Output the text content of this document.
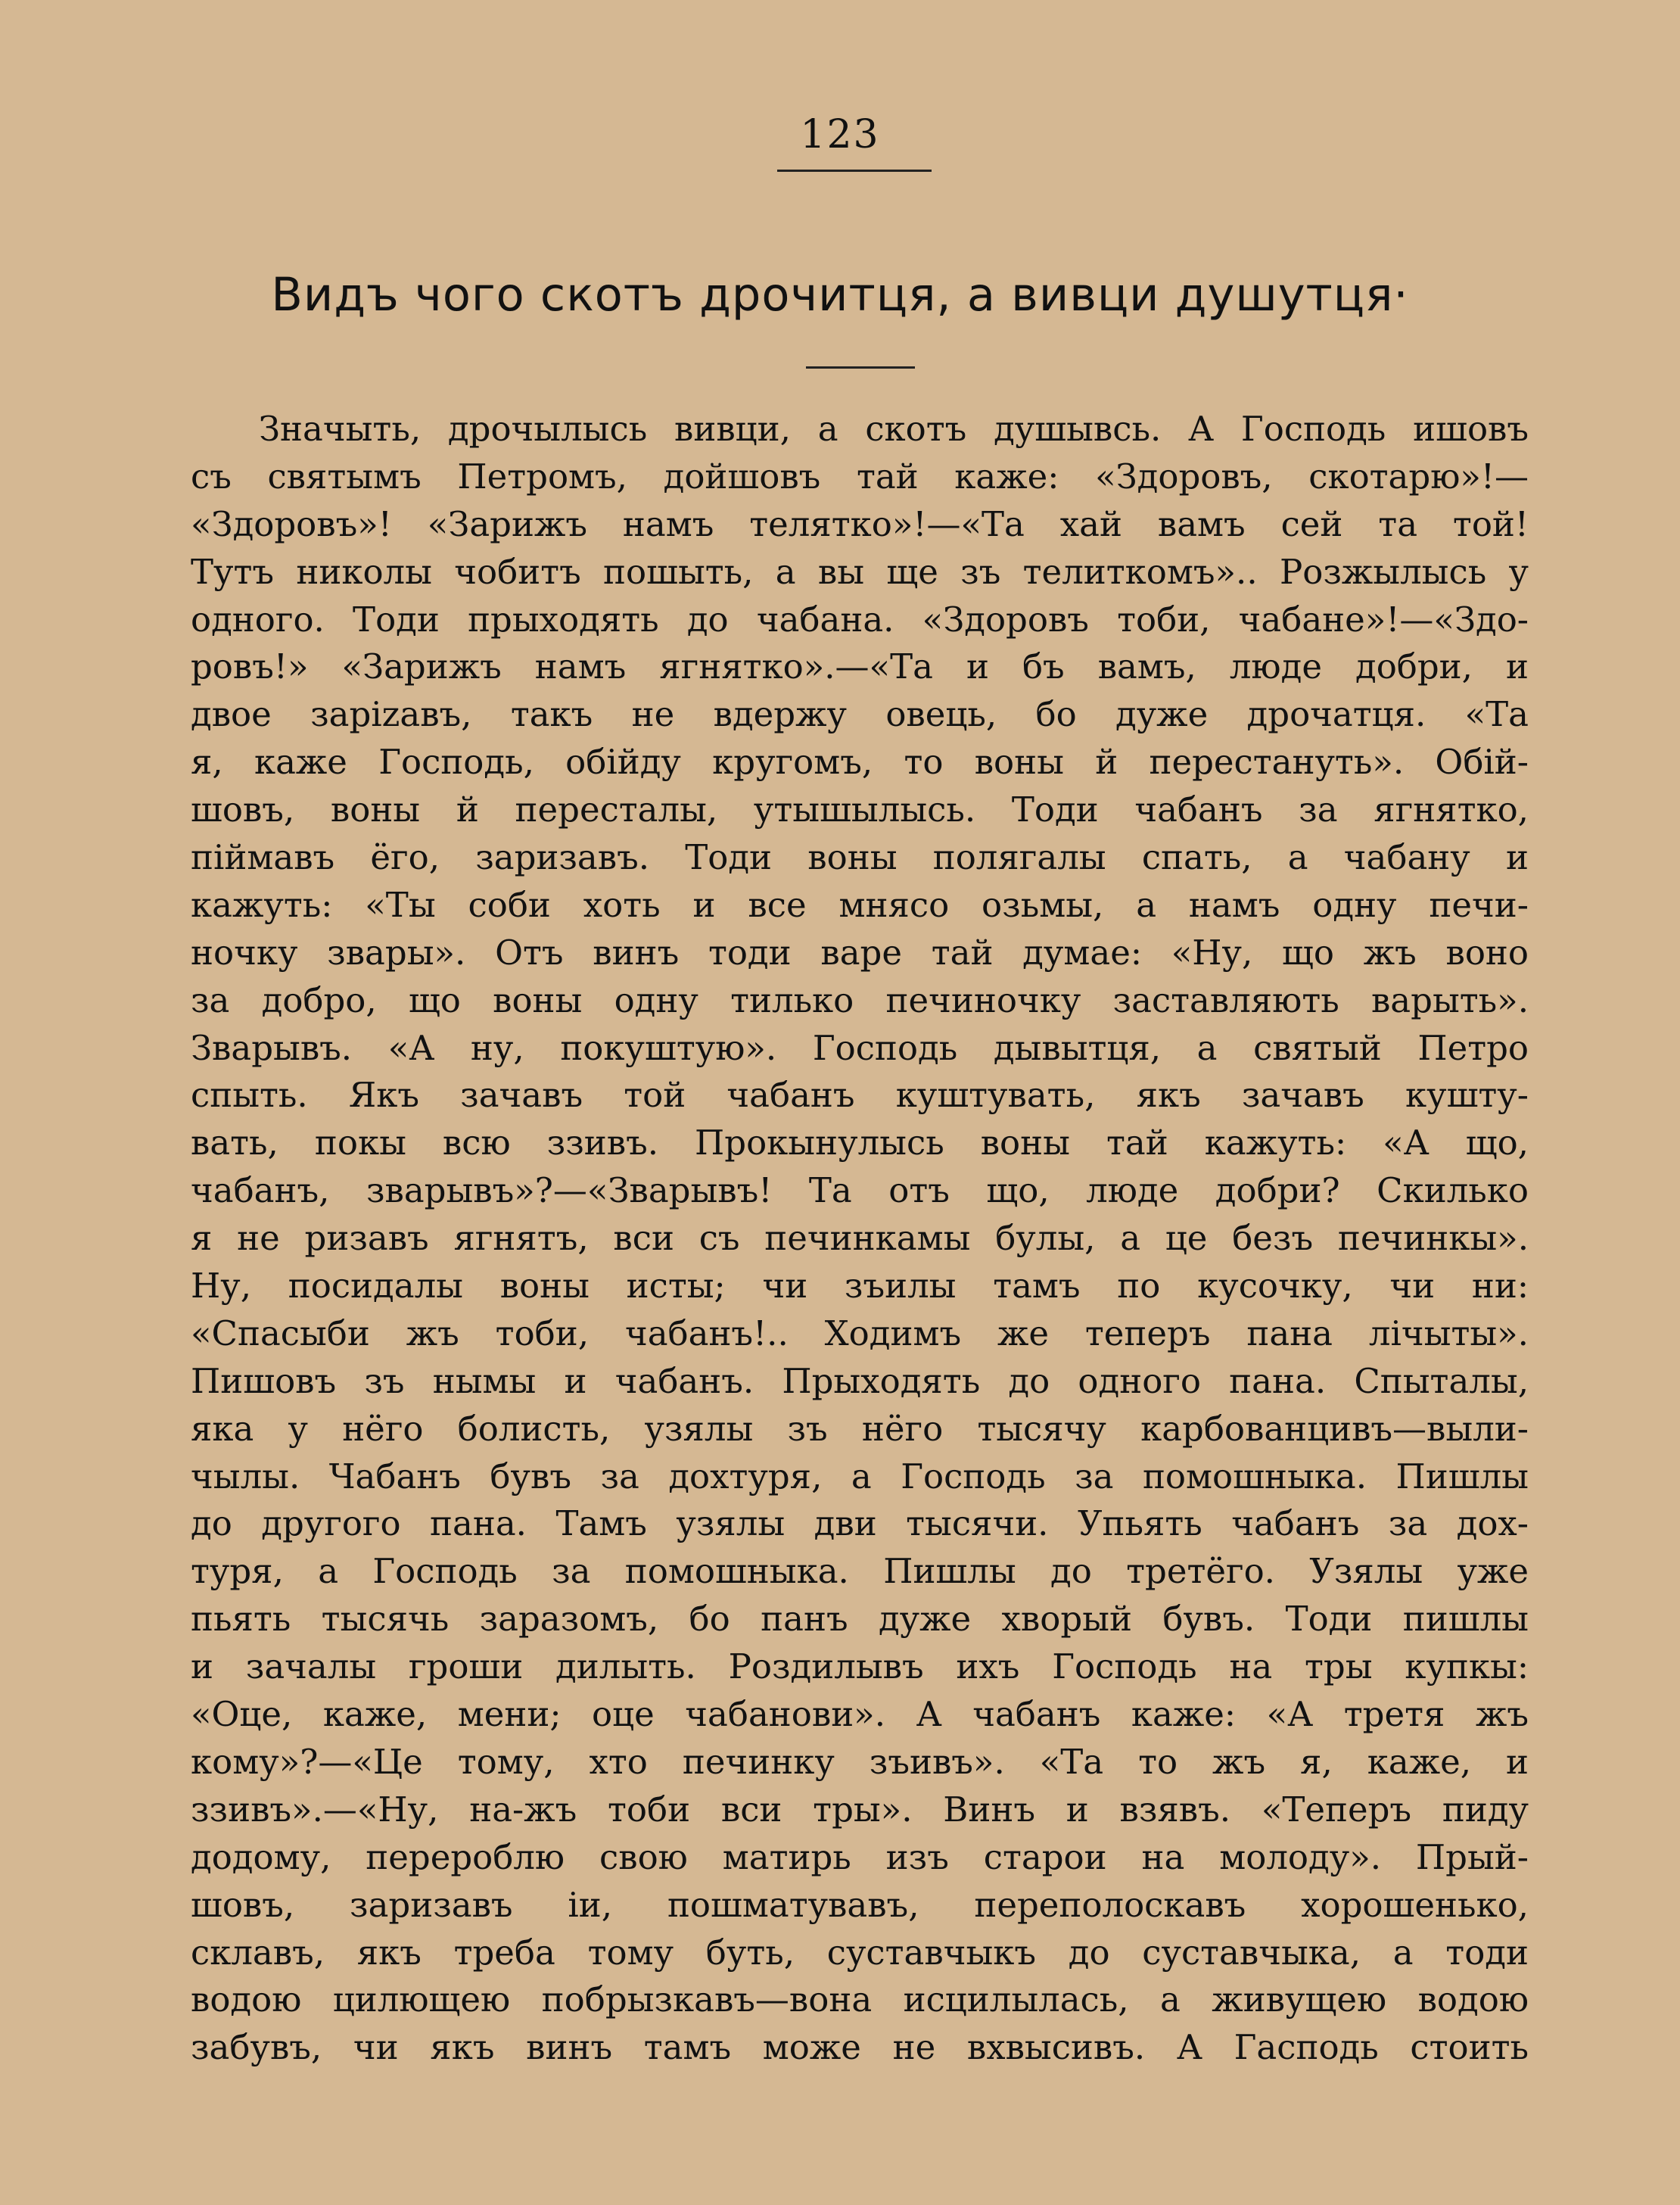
123
Видъ чого скотъ дрочитця, а вивци душутця·
Значыть, дрочылысь вивци, а скотъ душывсь. А Господь ишовъ
съ святымъ Петромъ, дойшовъ тай каже: «Здоровъ, скотарю»!—
«Здоровъ»! «Зарижъ намъ телятко»!—«Та хай вамъ сей та той!
Тутъ николы чобитъ пошыть, а вы ще зъ телиткомъ».. Розжылысь у
одного. Тоди прыходять до чабана. «Здоровъ тоби, чабане»!—«Здо-
ровъ!» «Зарижъ намъ ягнятко».—«Та и бъ вамъ, люде добри, и
двое зарizавъ, такъ не вдержу овець, бо дуже дрочатця. «Та
я, каже Господь, обійду кругомъ, то воны й перестануть». Обій-
шовъ, воны й перестaлы, утышылысь. Тоди чабанъ за ягнятко,
піймавъ ёго, заризавъ. Тоди воны полягалы спать, а чабану и
кажуть: «Ты соби хоть и все мнясо озьмы, а намъ одну печи-
ночку звары». Отъ винъ тоди варе тай думае: «Ну, що жъ воно
за добро, що воны одну тилько печиночку заставляють варыть».
Зварывъ. «А ну, покуштую». Господь дывытця, а святый Петро
спыть. Якъ зачавъ той чабанъ куштувать, якъ зачавъ кушту-
вать, покы всю ззивъ. Прокынулысь воны тай кажуть: «А що,
чабанъ, зварывъ»?—«Зварывъ! Та отъ що, люде добри? Скилько
я не ризавъ ягнятъ, вси съ печинкамы булы, а це безъ печинкы».
Ну, посидалы воны исты; чи зъилы тамъ по кусочку, чи ни:
«Спасыби жъ тоби, чабанъ!.. Ходимъ же теперъ пана лічыты».
Пишовъ зъ нымы и чабанъ. Прыходять до одного пана. Спыталы,
яка у нёго болисть, узялы зъ нёго тысячу карбованцивъ—выли-
чылы. Чабанъ бувъ за дохтуря, а Господь за помошныка. Пишлы
до другого пана. Тамъ узялы дви тысячи. Упьять чабанъ за дох-
туря, а Господь за помошныка. Пишлы до третёго. Узялы уже
пьять тысячь заразомъ, бо панъ дуже хворый бувъ. Тоди пишлы
и зачалы гроши дилыть. Роздилывъ ихъ Господь на тры купкы:
«Оце, каже, мени; оце чабанови». А чабанъ каже: «А третя жъ
кому»?—«Це тому, хто печинку зъивъ». «Та то жъ я, каже, и
ззивъ».—«Ну, на-жъ тоби вси тры». Винъ и взявъ. «Теперъ пиду
додому, перероблю свою матирь изъ старои на молоду». Прый-
шовъ, заризавъ іи, пошматувавъ, переполоскавъ хорошенько,
склавъ, якъ треба тому буть, суставчыкъ до суставчыка, а тоди
водою цилющею побрызкавъ—вона исцилылась, а живущею водою
забувъ, чи якъ винъ тамъ може не вхвысивъ. А Гaсподь стоить
